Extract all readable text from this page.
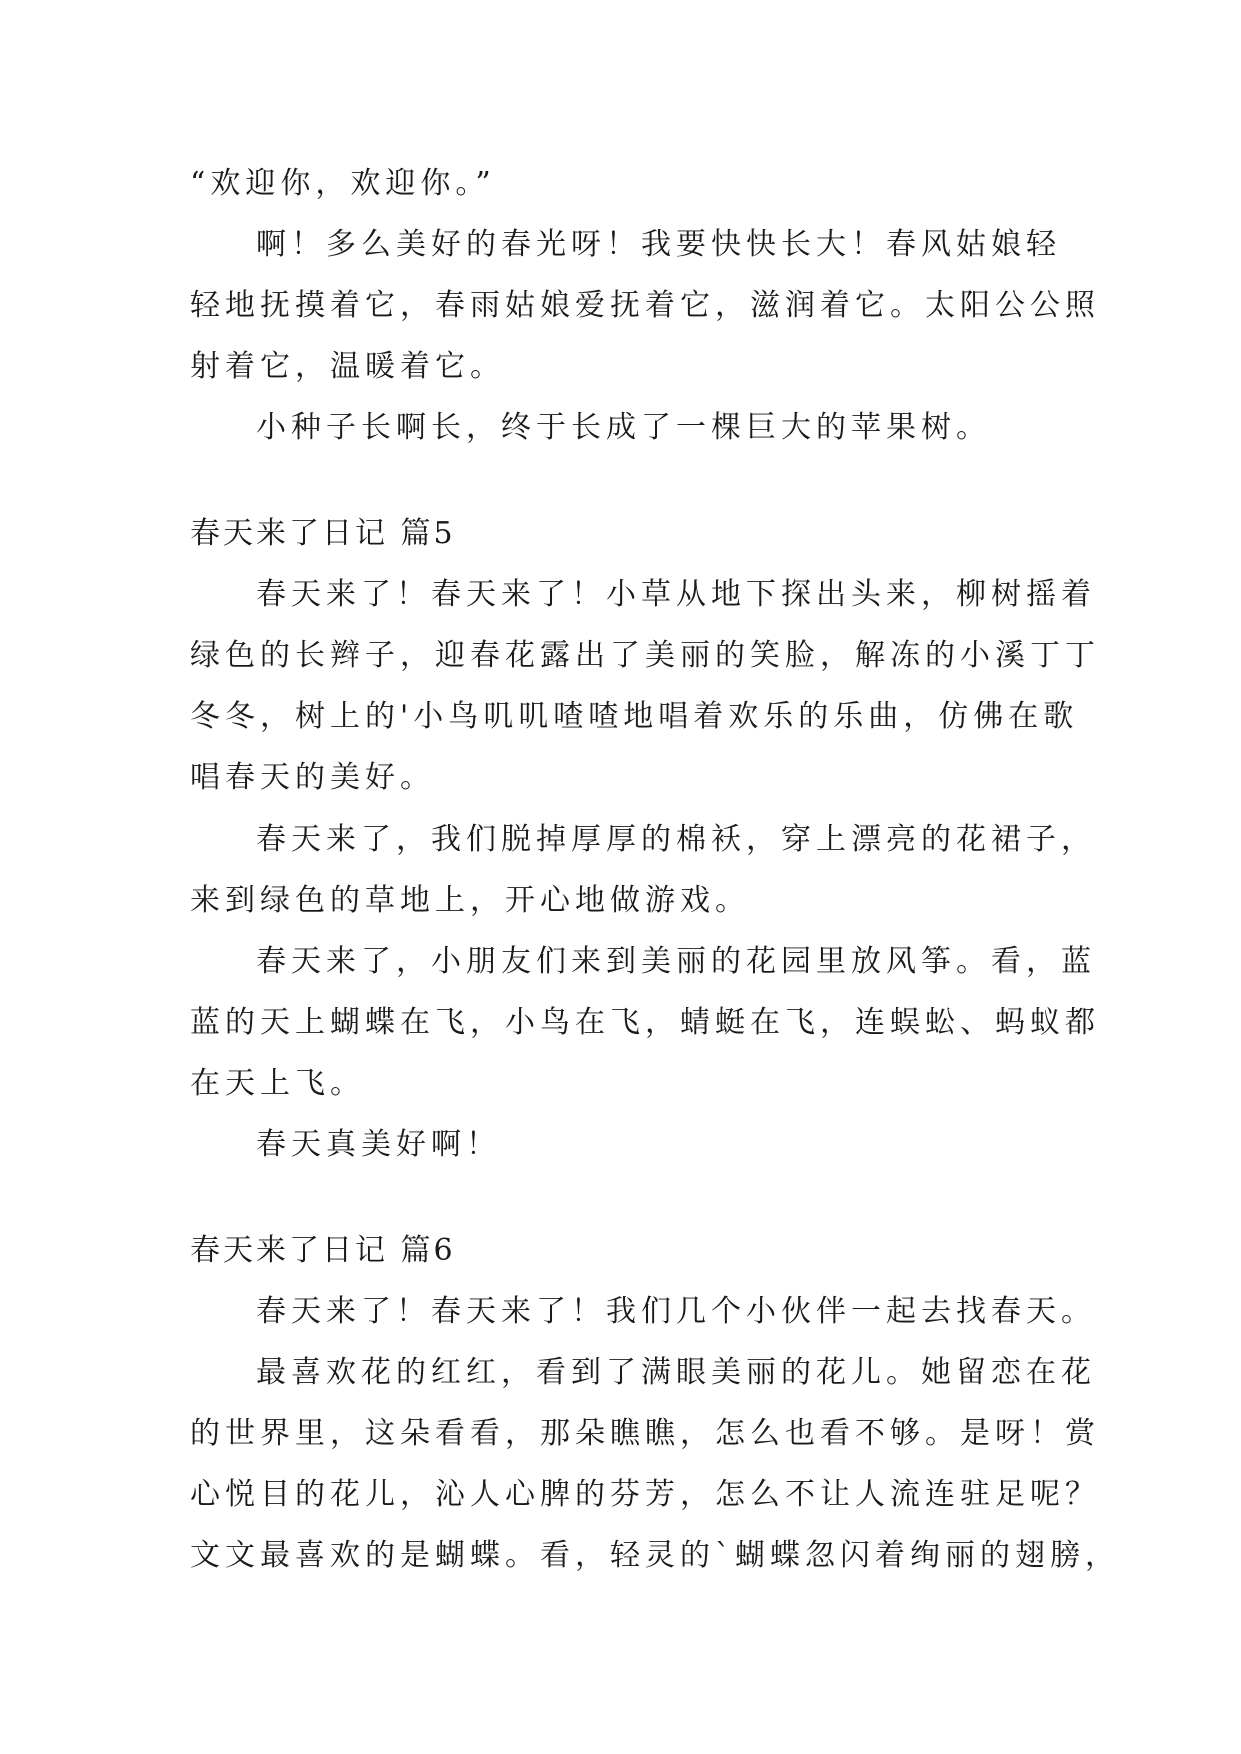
“欢迎你，欢迎你。”
啊！多么美好的春光呀！我要快快长大！春风姑娘轻
轻地抚摸着它，春雨姑娘爱抚着它，滋润着它。太阳公公照
射着它，温暖着它。
小种子长啊长，终于长成了一棵巨大的苹果树。
春天来了日记 篇5
春天来了！春天来了！小草从地下探出头来，柳树摇着
绿色的长辫子，迎春花露出了美丽的笑脸，解冻的小溪丁丁
冬冬，树上的'小鸟叽叽喳喳地唱着欢乐的乐曲，仿佛在歌
唱春天的美好。
春天来了，我们脱掉厚厚的棉袄，穿上漂亮的花裙子，
来到绿色的草地上，开心地做游戏。
春天来了，小朋友们来到美丽的花园里放风筝。看，蓝
蓝的天上蝴蝶在飞，小鸟在飞，蜻蜓在飞，连蜈蚣、蚂蚁都
在天上飞。
春天真美好啊！
春天来了日记 篇6
春天来了！春天来了！我们几个小伙伴一起去找春天。
最喜欢花的红红，看到了满眼美丽的花儿。她留恋在花
的世界里，这朵看看，那朵瞧瞧，怎么也看不够。是呀！赏
心悦目的花儿，沁人心脾的芬芳，怎么不让人流连驻足呢？
文文最喜欢的是蝴蝶。看，轻灵的`蝴蝶忽闪着绚丽的翅膀，
